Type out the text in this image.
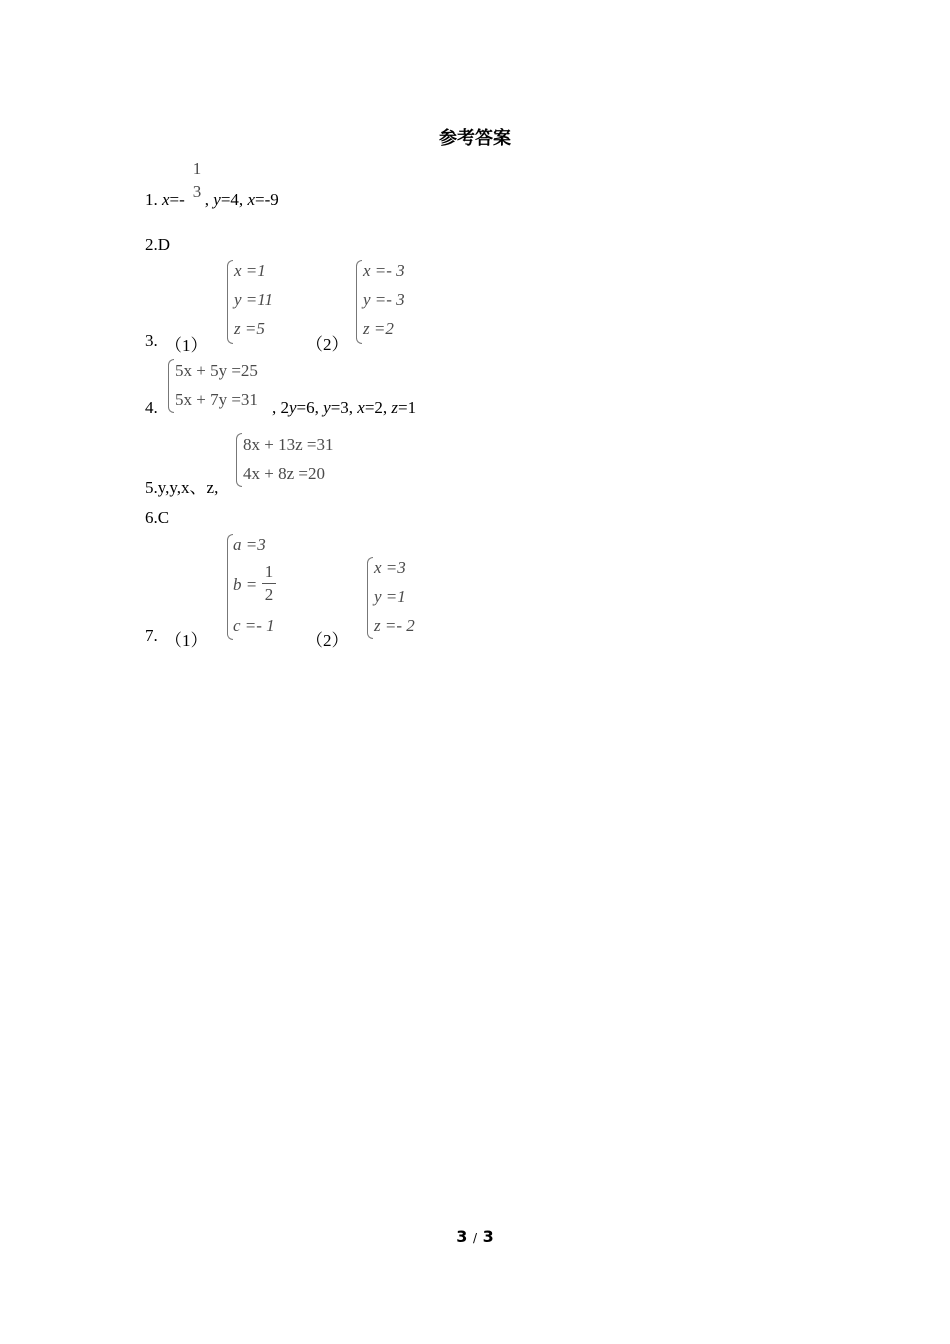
参考答案
1. x=- , y=4, x=-9
1
3
2.D
3. （1）
x =1
y =11
z =5
（2）
x =- 3
y =- 3
z =2
4.
5x + 5y =25
5x + 7y =31 , 2y=6, y=3, x=2, z=1
5.y,y,x、z,
8x + 13z =31
4x + 8z =20
6.C
7. （1）
a =3
b =
1
2
c =- 1
（2）
x =3
y =1
z =- 2
3 / 3
